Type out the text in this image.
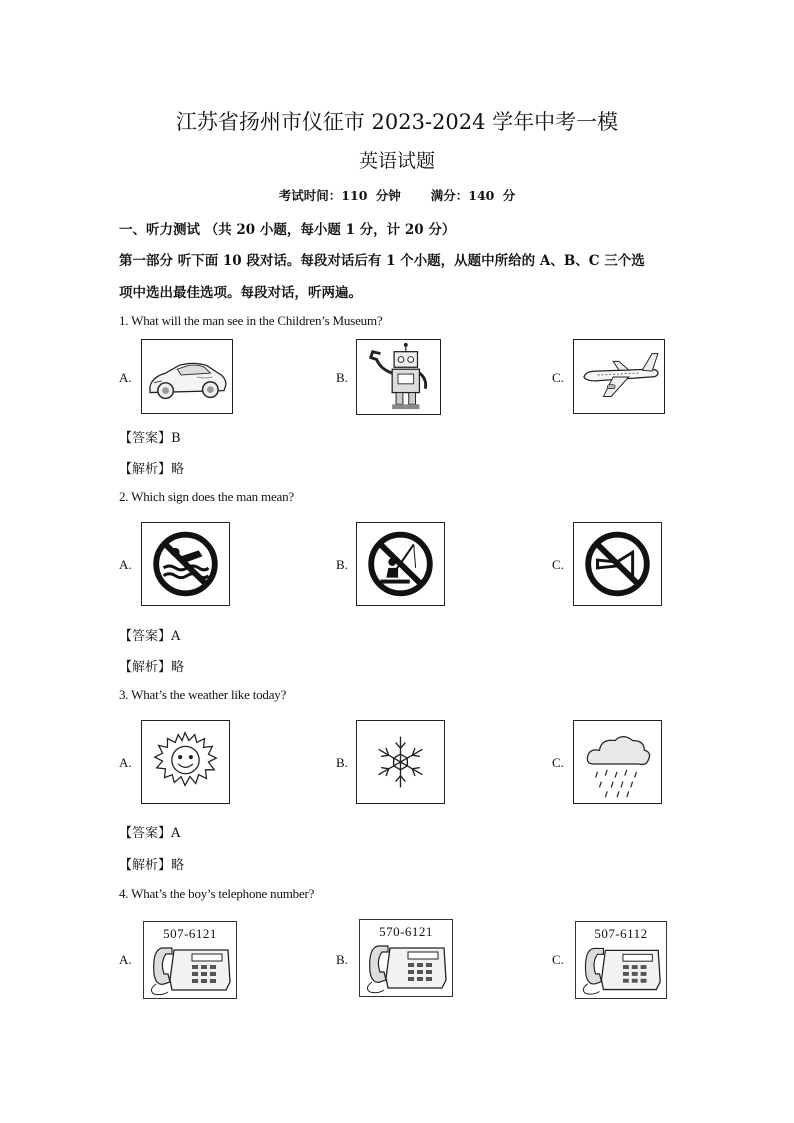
江苏省扬州市仪征市 2023-2024 学年中考一模
英语试题
考试时间：110 分钟 满分：140 分
一、听力测试 （共 20 小题，每小题 1 分，计 20 分）
第一部分 听下面 10 段对话。每段对话后有 1 个小题，从题中所给的 A、B、C 三个选
项中选出最佳选项。每段对话，听两遍。
1. What will the man see in the Children’s Museum?
A.	B.	C.
【答案】B
【解析】略
2. Which sign does the man mean?
A.	B.	C.
【答案】A
【解析】略
3. What’s the weather like today?
A.	B.	C.
【答案】A
【解析】略
4. What’s the boy’s telephone number?
A.
507-6121
B.
570-6121
C.
507-6112
